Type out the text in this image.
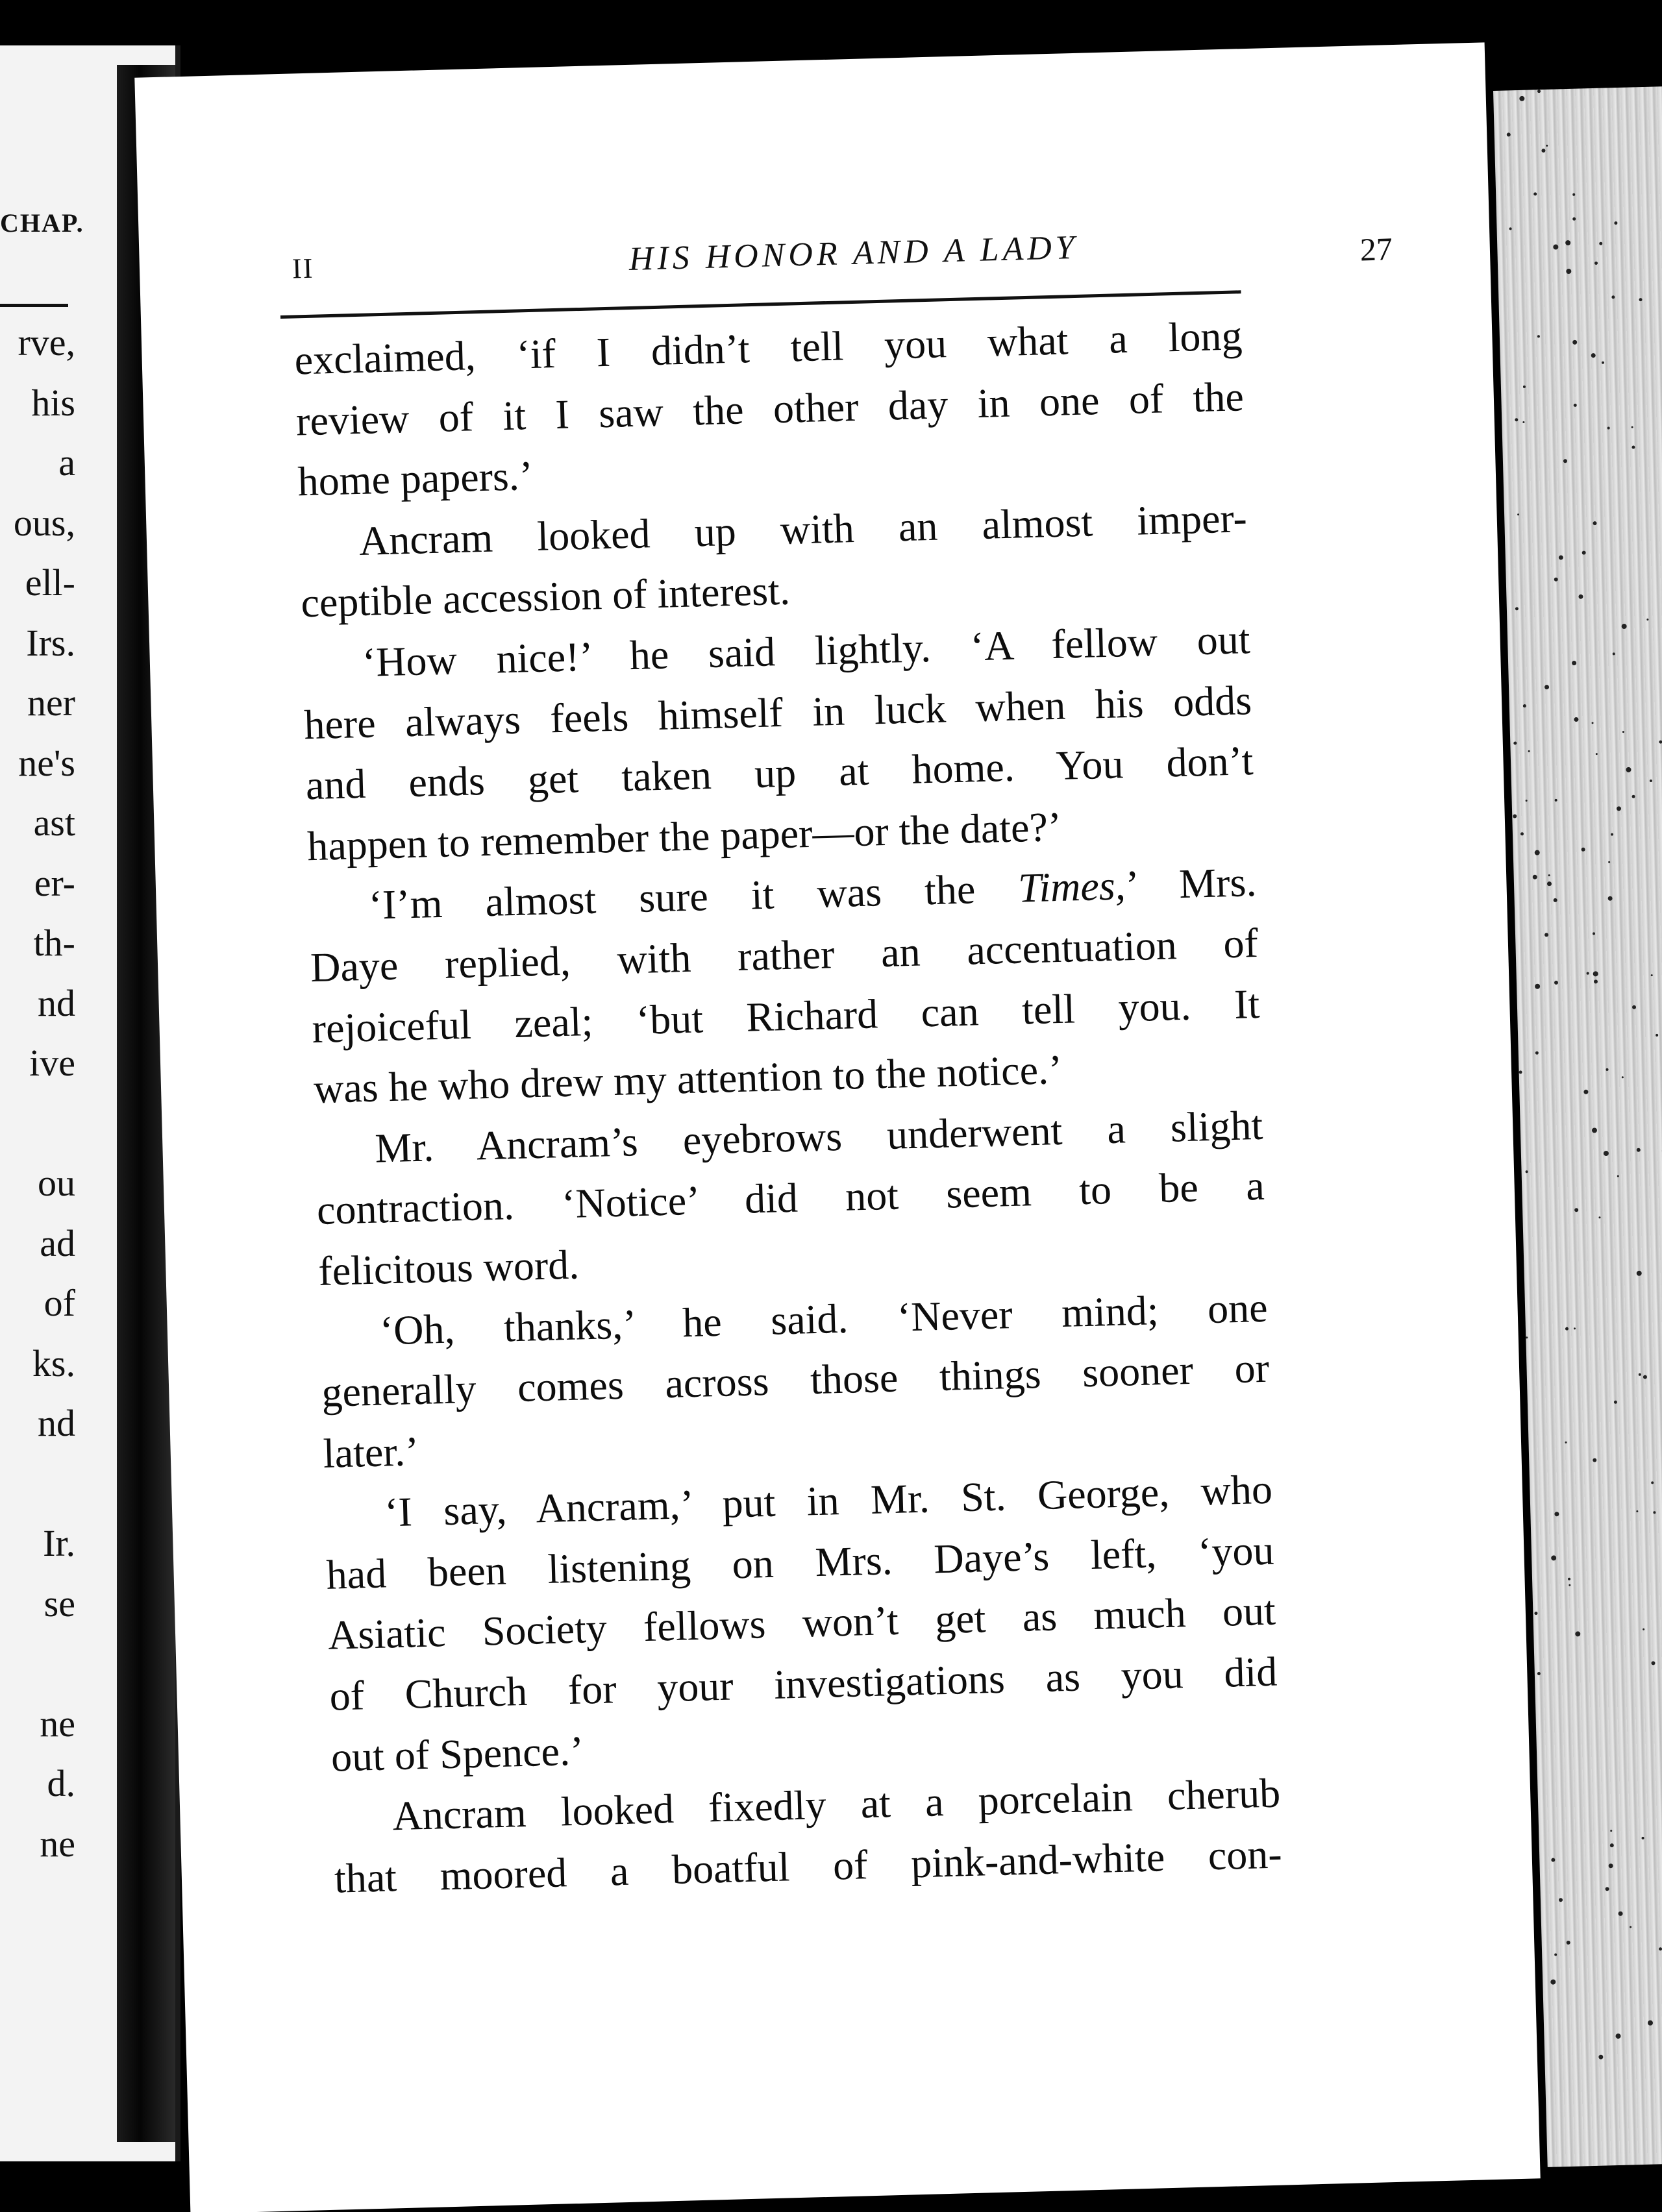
CHAP.
rve,
his
a
ous,
ell-
Irs.
ner
ne's
ast
er-
th-
nd
ive
ou
ad
of
ks.
nd
Ir.
se
ne
d.
ne
II	HIS HONOR AND A LADY	27
exclaimed, ‘if I didn’t tell you what a long
review of it I saw the other day in one of the
home papers.’
Ancram looked up with an almost imper-
ceptible accession of interest.
‘How nice!’ he said lightly. ‘A fellow out
here always feels himself in luck when his odds
and ends get taken up at home. You don’t
happen to remember the paper—or the date?’
‘I’m almost sure it was the Times,’ Mrs.
Daye replied, with rather an accentuation of
rejoiceful zeal; ‘but Richard can tell you. It
was he who drew my attention to the notice.’
Mr. Ancram’s eyebrows underwent a slight
contraction. ‘Notice’ did not seem to be a
felicitous word.
‘Oh, thanks,’ he said. ‘Never mind; one
generally comes across those things sooner or
later.’
‘I say, Ancram,’ put in Mr. St. George, who
had been listening on Mrs. Daye’s left, ‘you
Asiatic Society fellows won’t get as much out
of Church for your investigations as you did
out of Spence.’
Ancram looked fixedly at a porcelain cherub
that moored a boatful of pink-and-white con-
